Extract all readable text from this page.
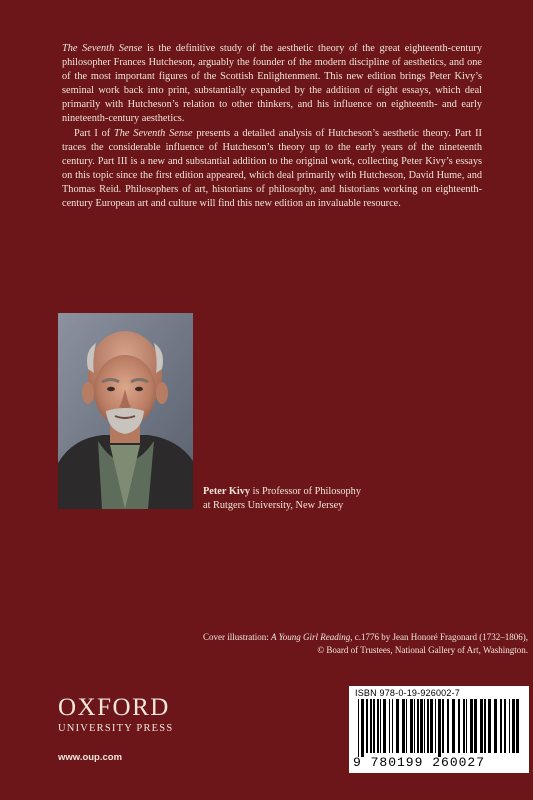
The Seventh Sense is the definitive study of the aesthetic theory of the great eighteenth-century philosopher Frances Hutcheson, arguably the founder of the modern discipline of aesthetics, and one of the most important figures of the Scottish Enlightenment. This new edition brings Peter Kivy’s seminal work back into print, substantially expanded by the addition of eight essays, which deal primarily with Hutcheson’s relation to other thinkers, and his influence on eighteenth- and early nineteenth-century aesthetics.

Part I of The Seventh Sense presents a detailed analysis of Hutcheson’s aesthetic theory. Part II traces the considerable influence of Hutcheson’s theory up to the early years of the nineteenth century. Part III is a new and substantial addition to the original work, collecting Peter Kivy’s essays on this topic since the first edition appeared, which deal primarily with Hutcheson, David Hume, and Thomas Reid. Philosophers of art, historians of philosophy, and historians working on eighteenth-century European art and culture will find this new edition an invaluable resource.

Peter Kivy is Professor of Philosophy
at Rutgers University, New Jersey
Cover illustration: A Young Girl Reading, c.1776 by Jean Honoré Fragonard (1732–1806),
© Board of Trustees, National Gallery of Art, Washington.
OXFORD
UNIVERSITY PRESS
www.oup.com
ISBN 978-0-19-926002-7
9 780199 260027
